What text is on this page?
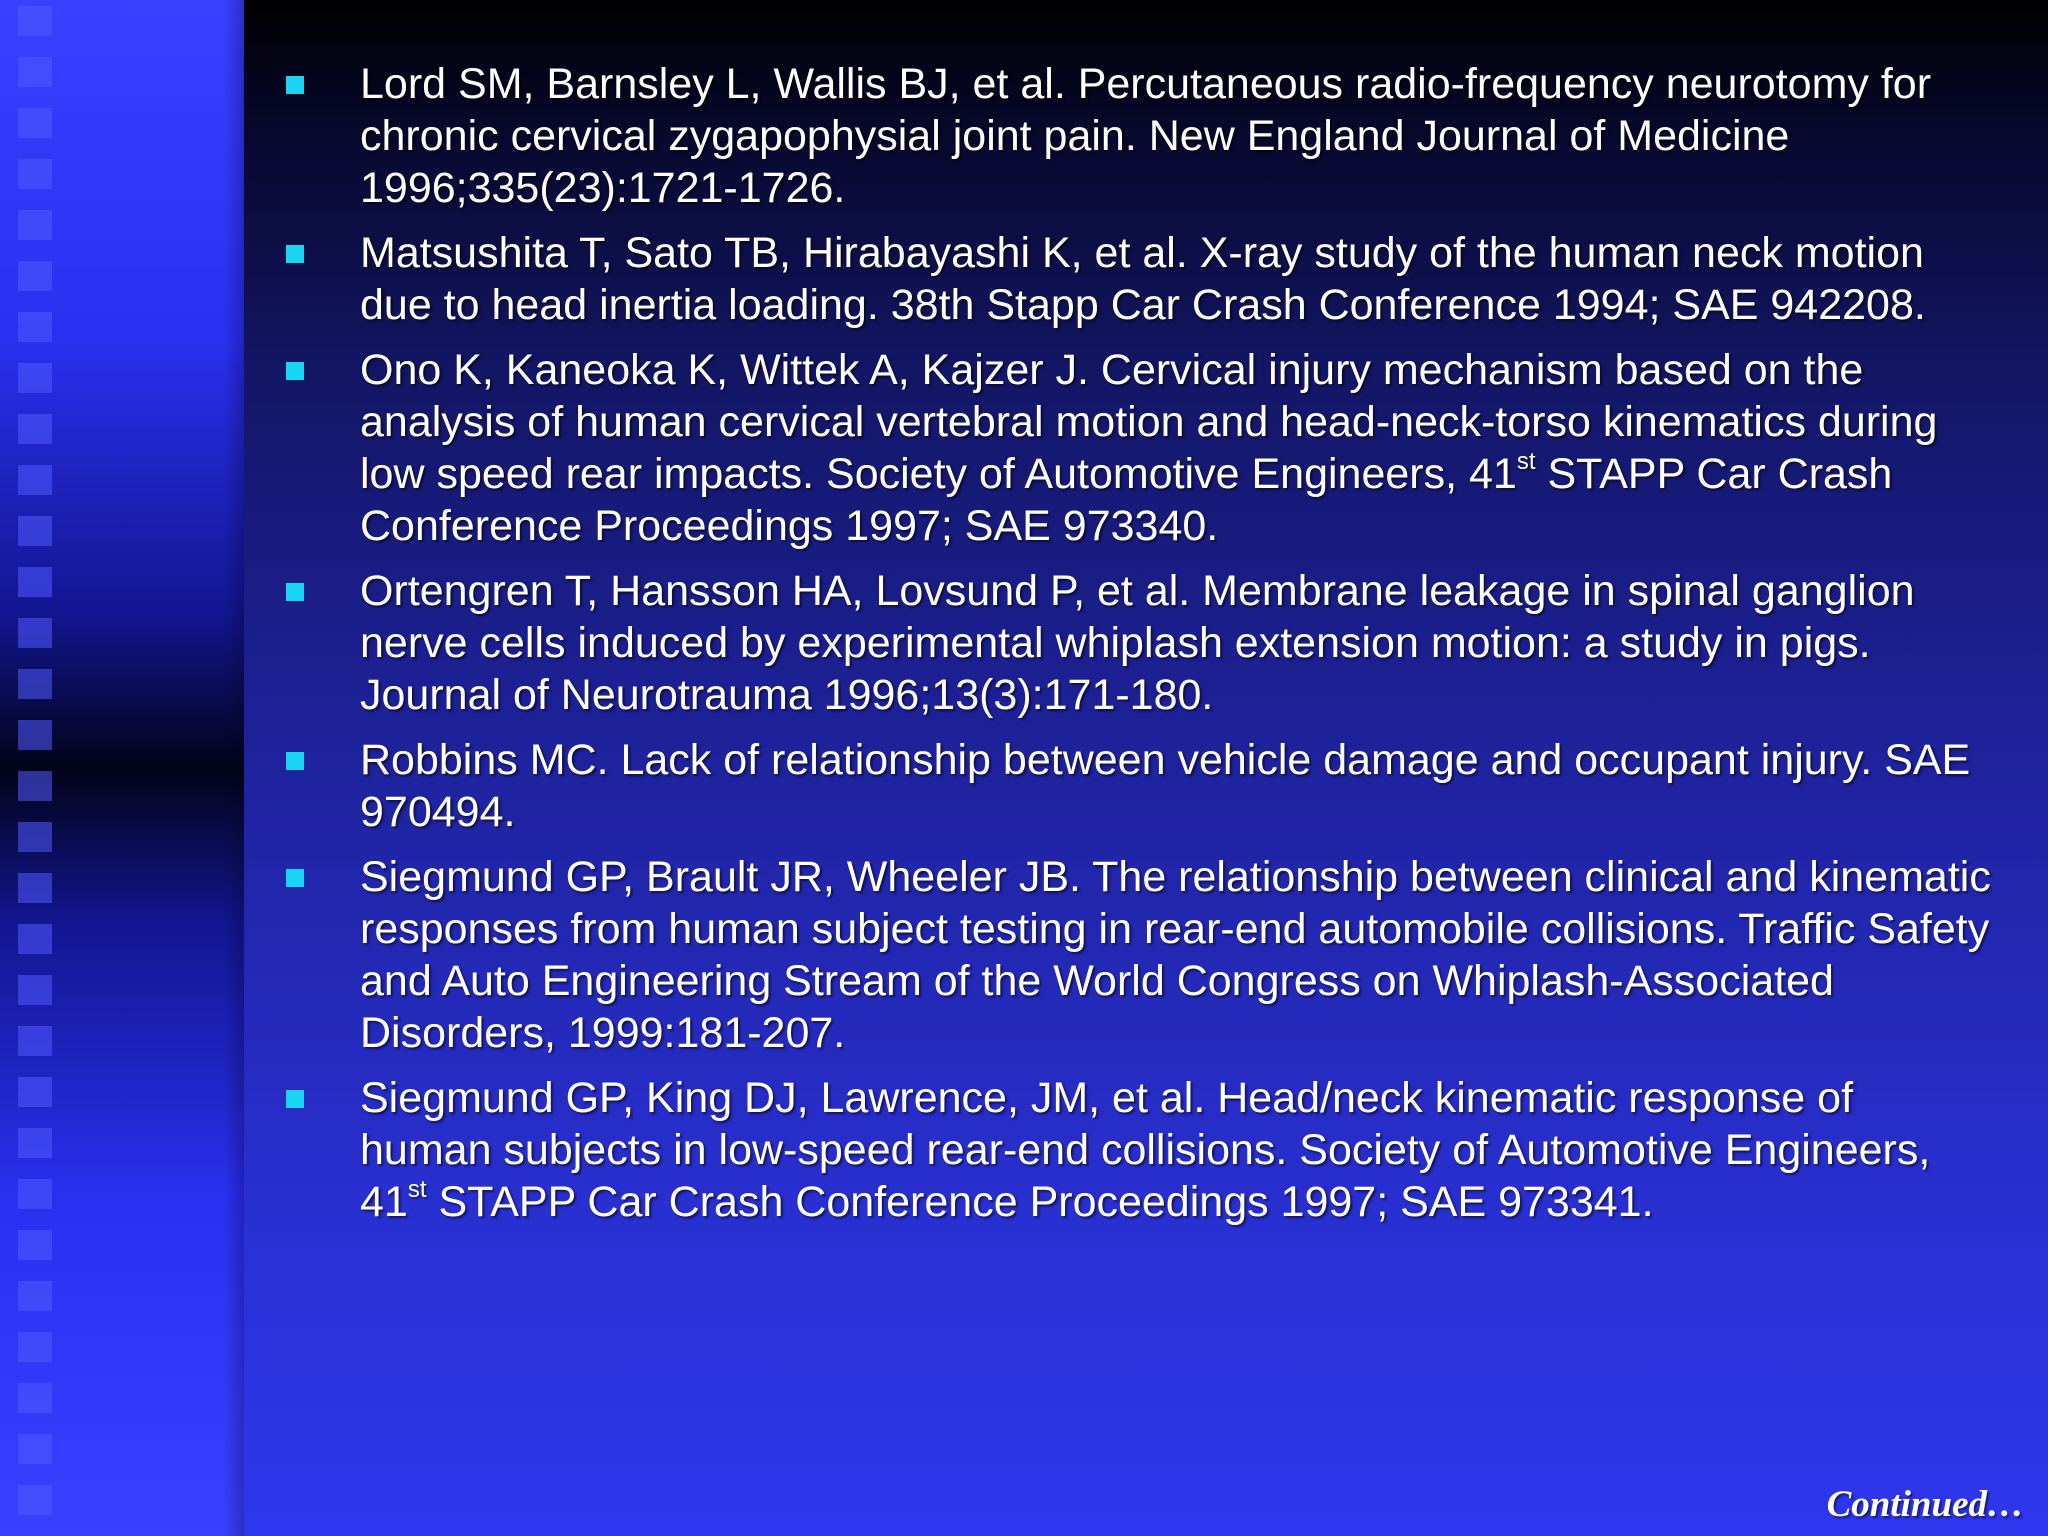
Lord SM, Barnsley L, Wallis BJ, et al. Percutaneous radio-frequency neurotomy for chronic cervical zygapophysial joint pain. New England Journal of Medicine 1996;335(23):1721-1726.
Matsushita T, Sato TB, Hirabayashi K, et al. X-ray study of the human neck motion due to head inertia loading. 38th Stapp Car Crash Conference 1994; SAE 942208.
Ono K, Kaneoka K, Wittek A, Kajzer J. Cervical injury mechanism based on the analysis of human cervical vertebral motion and head-neck-torso kinematics during low speed rear impacts. Society of Automotive Engineers, 41st STAPP Car Crash Conference Proceedings 1997; SAE 973340.
Ortengren T, Hansson HA, Lovsund P, et al. Membrane leakage in spinal ganglion nerve cells induced by experimental whiplash extension motion: a study in pigs. Journal of Neurotrauma 1996;13(3):171-180.
Robbins MC. Lack of relationship between vehicle damage and occupant injury. SAE 970494.
Siegmund GP, Brault JR, Wheeler JB. The relationship between clinical and kinematic responses from human subject testing in rear-end automobile collisions. Traffic Safety and Auto Engineering Stream of the World Congress on Whiplash-Associated Disorders, 1999:181-207.
Siegmund GP, King DJ, Lawrence, JM, et al. Head/neck kinematic response of human subjects in low-speed rear-end collisions. Society of Automotive Engineers, 41st STAPP Car Crash Conference Proceedings 1997; SAE 973341.
Continued…
